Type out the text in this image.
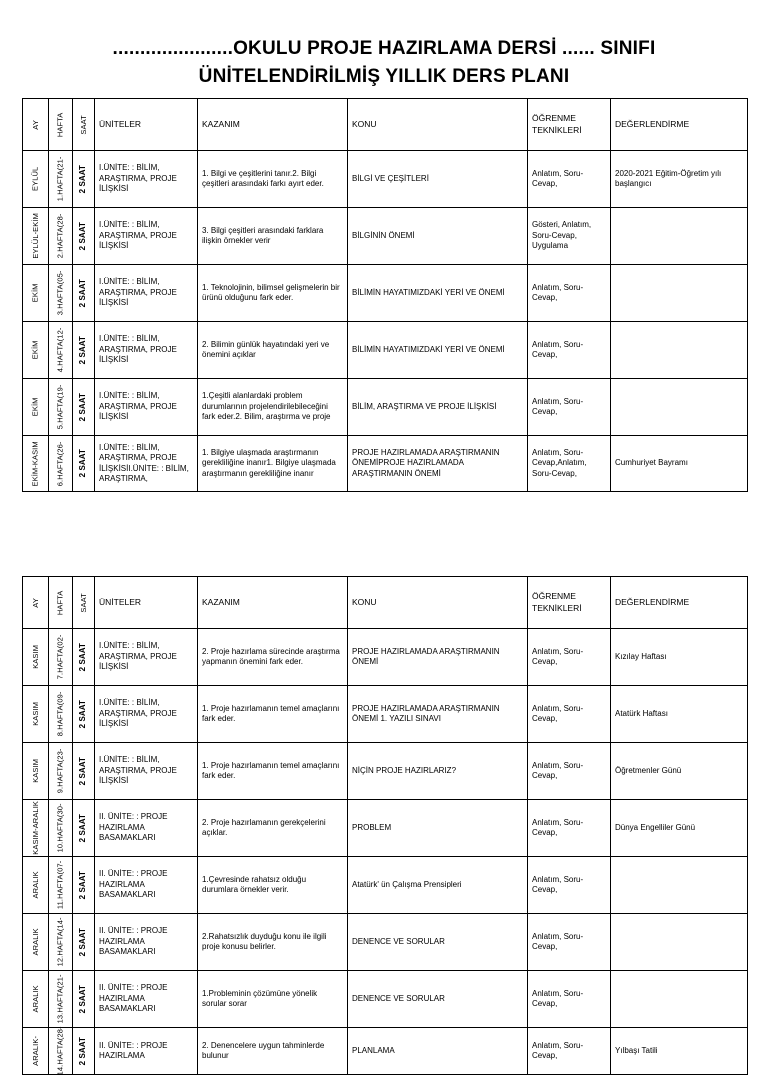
......................OKULU PROJE HAZIRLAMA DERSİ ...... SINIFI
ÜNİTELENDİRİLMİŞ YILLIK DERS PLANI
AY	HAFTA	SAAT	ÜNİTELER	KAZANIM	KONU	ÖĞRENME TEKNİKLERİ	DEĞERLENDİRME

EYLÜL	1.HAFTA(21-	2 SAAT	I.ÜNİTE: : BİLİM, ARAŞTIRMA, PROJE İLİŞKİSİ	1. Bilgi ve çeşitlerini tanır.2. Bilgi çeşitleri arasındaki farkı ayırt eder.	BİLGİ VE ÇEŞİTLERİ	Anlatım, Soru-Cevap,	2020-2021 Eğitim-Öğretim yılı başlangıcı

EYLÜL-EKİM	2.HAFTA(28-	2 SAAT	I.ÜNİTE: : BİLİM, ARAŞTIRMA, PROJE İLİŞKİSİ	3. Bilgi çeşitleri arasındaki farklara ilişkin örnekler verir	BİLGİNİN ÖNEMİ	Gösteri, Anlatım, Soru-Cevap, Uygulama	

EKİM	3.HAFTA(05-	2 SAAT	I.ÜNİTE: : BİLİM, ARAŞTIRMA, PROJE İLİŞKİSİ	1. Teknolojinin, bilimsel gelişmelerin bir ürünü olduğunu fark eder.	BİLİMİN HAYATIMIZDAKİ YERİ VE ÖNEMİ	Anlatım, Soru-Cevap,	

EKİM	4.HAFTA(12-	2 SAAT	I.ÜNİTE: : BİLİM, ARAŞTIRMA, PROJE İLİŞKİSİ	2. Bilimin günlük hayatındaki yeri ve önemini açıklar	BİLİMİN HAYATIMIZDAKİ YERİ VE ÖNEMİ	Anlatım, Soru-Cevap,	

EKİM	5.HAFTA(19-	2 SAAT	I.ÜNİTE: : BİLİM, ARAŞTIRMA, PROJE İLİŞKİSİ	1.Çeşitli alanlardaki problem durumlarının projelendirilebileceğini fark eder.2. Bilim, araştırma ve proje	BİLİM, ARAŞTIRMA VE PROJE İLİŞKİSİ	Anlatım, Soru-Cevap,	

EKİM-KASIM	6.HAFTA(26-	2 SAAT	I.ÜNİTE: : BİLİM, ARAŞTIRMA, PROJE İLİŞKİSİI.ÜNİTE: : BİLİM, ARAŞTIRMA,	1. Bilgiye ulaşmada araştırmanın gerekliliğine inanır1. Bilgiye ulaşmada araştırmanın gerekliliğine inanır	PROJE HAZIRLAMADA ARAŞTIRMANIN ÖNEMİPROJE HAZIRLAMADA ARAŞTIRMANIN ÖNEMİ	Anlatım, Soru-Cevap,Anlatım, Soru-Cevap,	Cumhuriyet Bayramı
AY	HAFTA	SAAT	ÜNİTELER	KAZANIM	KONU	ÖĞRENME TEKNİKLERİ	DEĞERLENDİRME

KASIM	7.HAFTA(02-	2 SAAT	I.ÜNİTE: : BİLİM, ARAŞTIRMA, PROJE İLİŞKİSİ	2. Proje hazırlama sürecinde araştırma yapmanın önemini fark eder.	PROJE HAZIRLAMADA ARAŞTIRMANIN ÖNEMİ	Anlatım, Soru-Cevap,	Kızılay Haftası

KASIM	8.HAFTA(09-	2 SAAT	I.ÜNİTE: : BİLİM, ARAŞTIRMA, PROJE İLİŞKİSİ	1. Proje hazırlamanın temel amaçlarını fark eder.	PROJE HAZIRLAMADA ARAŞTIRMANIN ÖNEMİ 1. YAZILI SINAVI	Anlatım, Soru-Cevap,	Atatürk Haftası

KASIM	9.HAFTA(23-	2 SAAT	I.ÜNİTE: : BİLİM, ARAŞTIRMA, PROJE İLİŞKİSİ	1. Proje hazırlamanın temel amaçlarını fark eder.	NİÇİN PROJE HAZIRLARIZ?	Anlatım, Soru-Cevap,	Öğretmenler Günü

KASIM-ARALIK	10.HAFTA(30-	2 SAAT	II. ÜNİTE: : PROJE HAZIRLAMA BASAMAKLARI	2. Proje hazırlamanın gerekçelerini açıklar.	PROBLEM	Anlatım, Soru-Cevap,	Dünya Engelliler Günü

ARALIK	11.HAFTA(07-	2 SAAT	II. ÜNİTE: : PROJE HAZIRLAMA BASAMAKLARI	1.Çevresinde rahatsız olduğu durumlara örnekler verir.	Atatürk' ün Çalışma Prensipleri	Anlatım, Soru-Cevap,	

ARALIK	12.HAFTA(14-	2 SAAT	II. ÜNİTE: : PROJE HAZIRLAMA BASAMAKLARI	2.Rahatsızlık duyduğu konu ile ilgili proje konusu belirler.	DENENCE VE SORULAR	Anlatım, Soru-Cevap,	

ARALIK	13.HAFTA(21-	2 SAAT	II. ÜNİTE: : PROJE HAZIRLAMA BASAMAKLARI	1.Probleminin çözümüne yönelik sorular sorar	DENENCE VE SORULAR	Anlatım, Soru-Cevap,	

ARALIK-	14.HAFTA(28-	2 SAAT	II. ÜNİTE: : PROJE HAZIRLAMA	2. Denencelere uygun tahminlerde bulunur	PLANLAMA	Anlatım, Soru-Cevap,	Yılbaşı Tatili
